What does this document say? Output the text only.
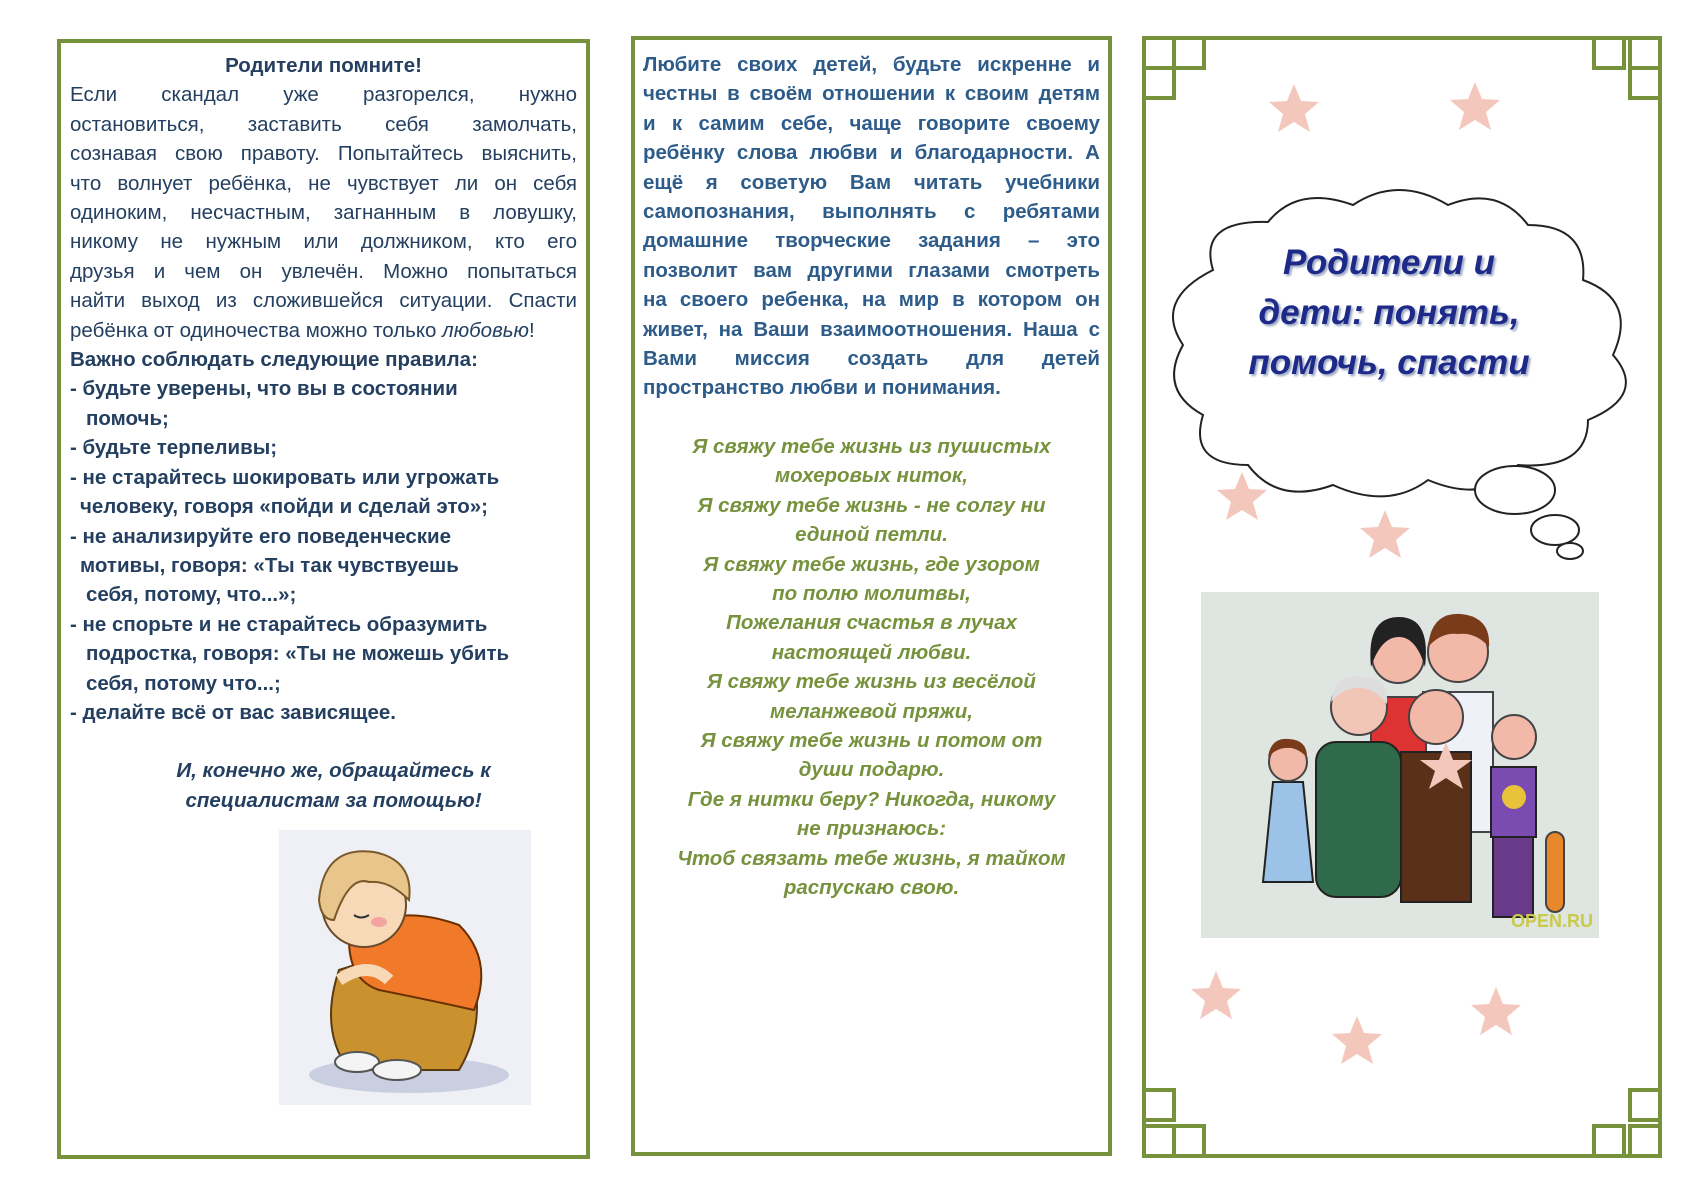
Родители помните!
Если скандал уже разгорелся, нужно
остановиться, заставить себя замолчать,
сознавая свою правоту. Попытайтесь выяснить,
что волнует ребёнка, не чувствует ли он себя
одиноким, несчастным, загнанным в ловушку,
никому не нужным или должником, кто его
друзья и чем он увлечён. Можно попытаться
найти выход из сложившейся ситуации. Спасти
ребёнка от одиночества можно только любовью!
Важно соблюдать следующие правила:
- будьте уверены, что вы в состоянии
помочь;
- будьте терпеливы;
- не старайтесь шокировать или угрожать
человеку, говоря «пойди и сделай это»;
- не анализируйте его поведенческие
мотивы, говоря: «Ты так чувствуешь
себя, потому, что...»;
- не спорьте и не старайтесь образумить
подростка, говоря: «Ты не можешь убить
себя, потому что...;
- делайте всё от вас зависящее.
И, конечно же, обращайтесь к
специалистам за помощью!
Любите своих детей, будьте искренне и
честны в своём отношении к своим детям
и к самим себе, чаще говорите своему
ребёнку слова любви и благодарности. А
ещё я советую Вам читать учебники
самопознания, выполнять с ребятами
домашние творческие задания – это
позволит вам другими глазами смотреть
на своего ребенка, на мир в котором он
живет, на Ваши взаимоотношения. Наша с
Вами миссия создать для детей
пространство любви и понимания.
Я свяжу тебе жизнь из пушистых
мохеровых ниток,
Я свяжу тебе жизнь - не солгу ни
единой петли.
Я свяжу тебе жизнь, где узором
по полю молитвы,
Пожелания счастья в лучах
настоящей любви.
Я свяжу тебе жизнь из весёлой
меланжевой пряжи,
Я свяжу тебе жизнь и потом от
души подарю.
Где я нитки беру? Никогда, никому
не признаюсь:
Чтоб связать тебе жизнь, я тайком
распускаю свою.
Родители и
дети: понять,
помочь, спасти
OPEN.RU
